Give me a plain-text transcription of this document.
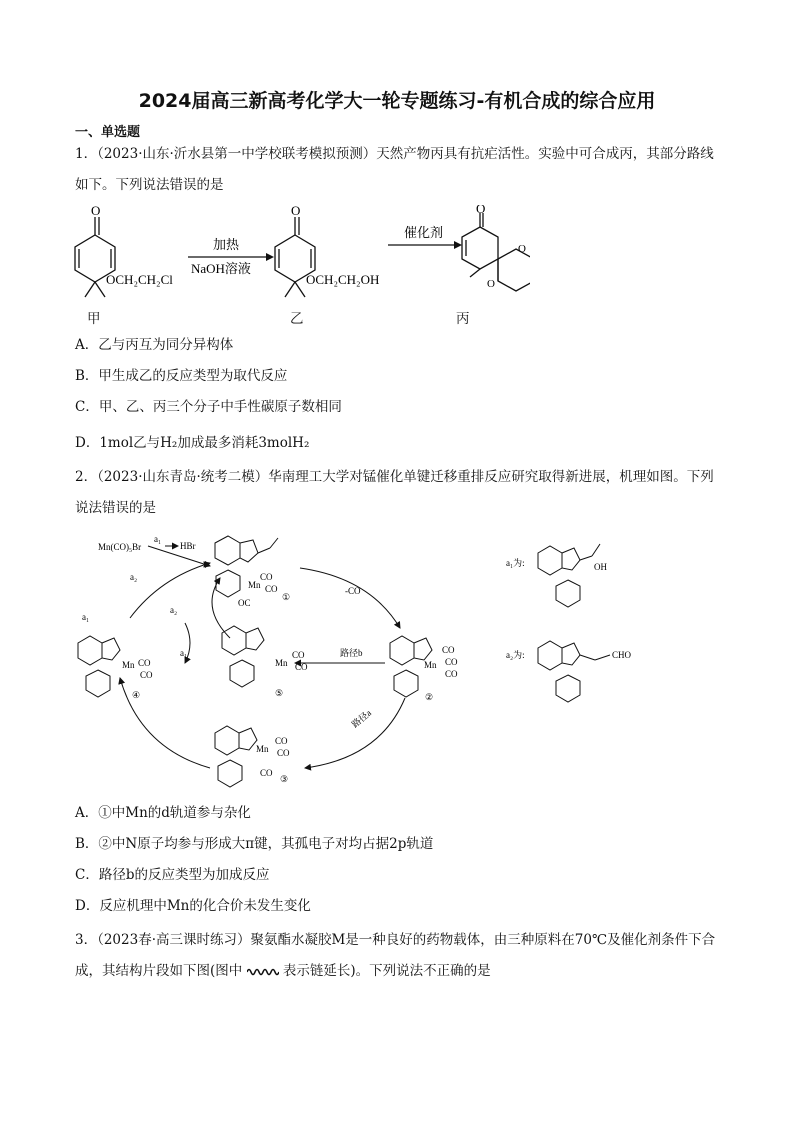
2024届高三新高考化学大一轮专题练习-有机合成的综合应用
一、单选题
1．（2023·山东·沂水县第一中学校联考模拟预测）天然产物丙具有抗疟活性。实验中可合成丙，其部分路线如下。下列说法错误的是
O
OCH₂CH₂Cl
加热
NaOH溶液
O
OCH₂CH₂OH
催化剂
O
O
O
甲	乙	丙
A．乙与丙互为同分异构体
B．甲生成乙的反应类型为取代反应
C．甲、乙、丙三个分子中手性碳原子数相同
D．1mol乙与H₂加成最多消耗3molH₂
2．（2023·山东青岛·统考二模）华南理工大学对锰催化单键迁移重排反应研究取得新进展，机理如图。下列说法错误的是
Mn(CO)₅Br
a₁
HBr
Mn
CO
CO
OC
①
-CO
路径a
a₂
a₁
路径b
a₂
a₁
Mn CO
CO
④
Mn
CO
CO
⑤
Mn
CO
CO
CO
②
Mn
CO
CO
CO
③
a₁为:	OH
a₂为:	CHO
A．①中Mn的d轨道参与杂化
B．②中N原子均参与形成大π键，其孤电子对均占据2p轨道
C．路径b的反应类型为加成反应
D．反应机理中Mn的化合价未发生变化
3．（2023春·高三课时练习）聚氨酯水凝胶M是一种良好的药物载体，由三种原料在70℃及催化剂条件下合成，其结构片段如下图(图中	表示链延长)。下列说法不正确的是
